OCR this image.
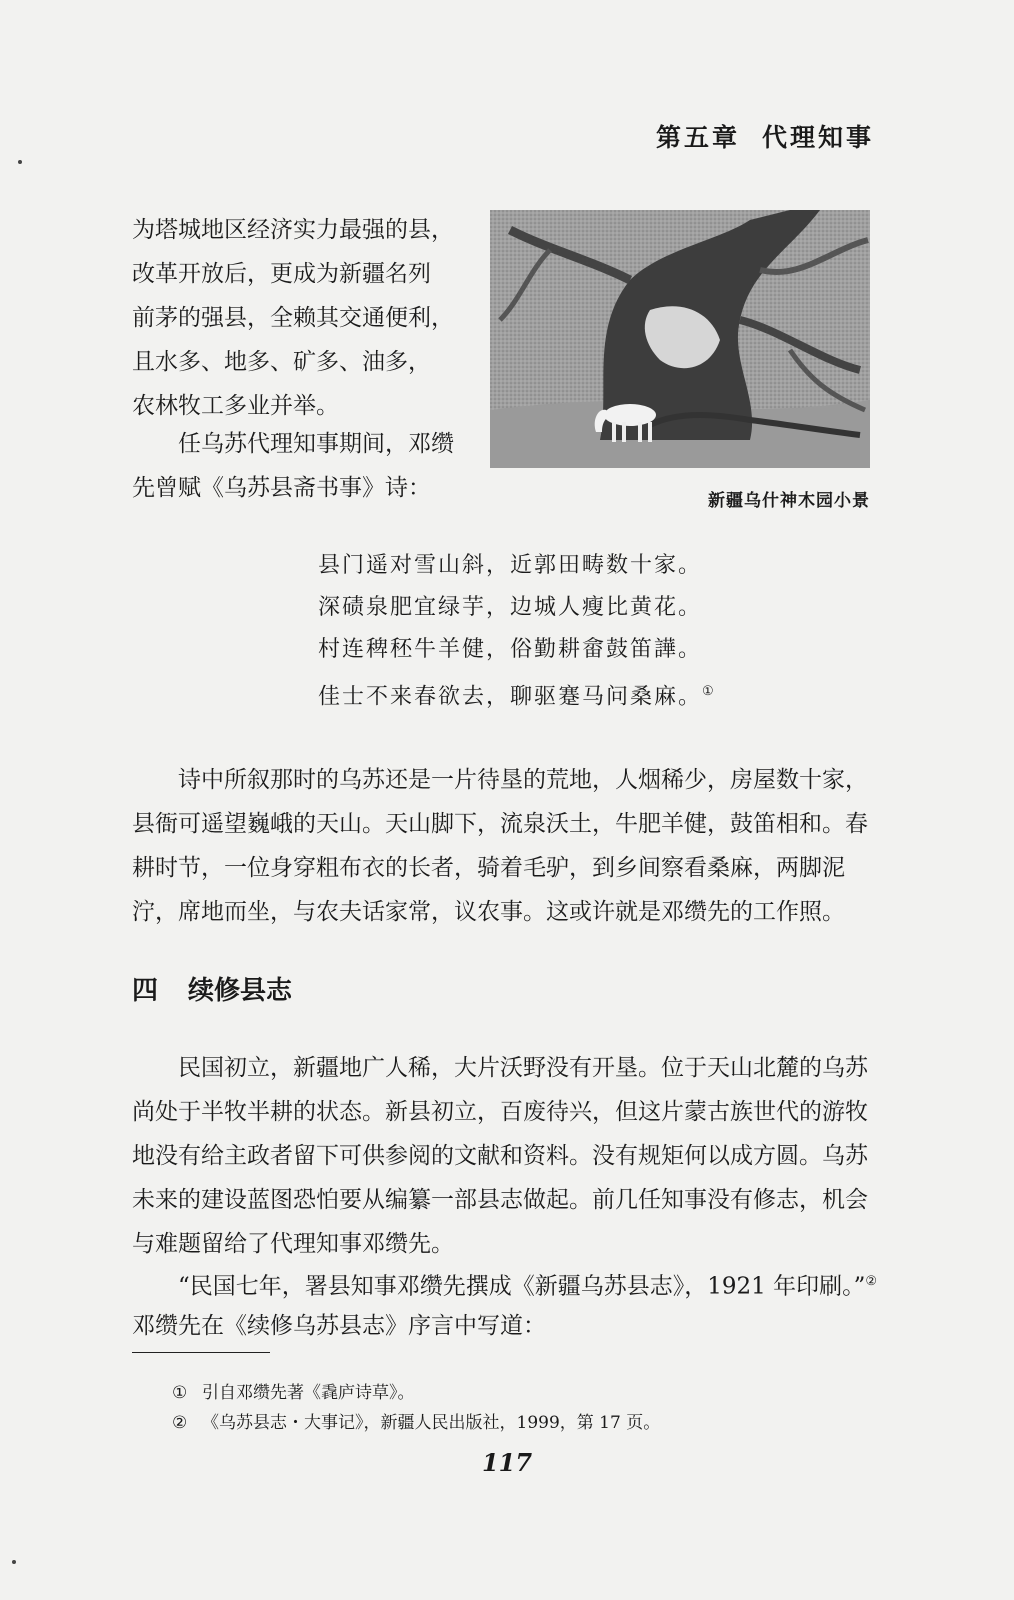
第五章 代理知事
为塔城地区经济实力最强的县，
改革开放后，更成为新疆名列
前茅的强县，全赖其交通便利，
且水多、地多、矿多、油多，
农林牧工多业并举。
任乌苏代理知事期间，邓缵
先曾赋《乌苏县斋书事》诗：	新疆乌什神木园小景

县门遥对雪山斜，近郭田畴数十家。

深碛泉肥宜绿芋，边城人瘦比黄花。

村连稗秠牛羊健，俗勤耕畲鼓笛譁。

佳士不来春欲去，聊驱蹇马问桑麻。①

诗中所叙那时的乌苏还是一片待垦的荒地，人烟稀少，房屋数十家，县衙可遥望巍峨的天山。天山脚下，流泉沃土，牛肥羊健，鼓笛相和。春耕时节，一位身穿粗布衣的长者，骑着毛驴，到乡间察看桑麻，两脚泥泞，席地而坐，与农夫话家常，议农事。这或许就是邓缵先的工作照。

四 续修县志

民国初立，新疆地广人稀，大片沃野没有开垦。位于天山北麓的乌苏尚处于半牧半耕的状态。新县初立，百废待兴，但这片蒙古族世代的游牧地没有给主政者留下可供参阅的文献和资料。没有规矩何以成方圆。乌苏未来的建设蓝图恐怕要从编纂一部县志做起。前几任知事没有修志，机会与难题留给了代理知事邓缵先。

“民国七年，署县知事邓缵先撰成《新疆乌苏县志》，1921 年印刷。”②

邓缵先在《续修乌苏县志》序言中写道：

① 引自邓缵先著《毳庐诗草》。
② 《乌苏县志・大事记》，新疆人民出版社，1999，第 17 页。
117
